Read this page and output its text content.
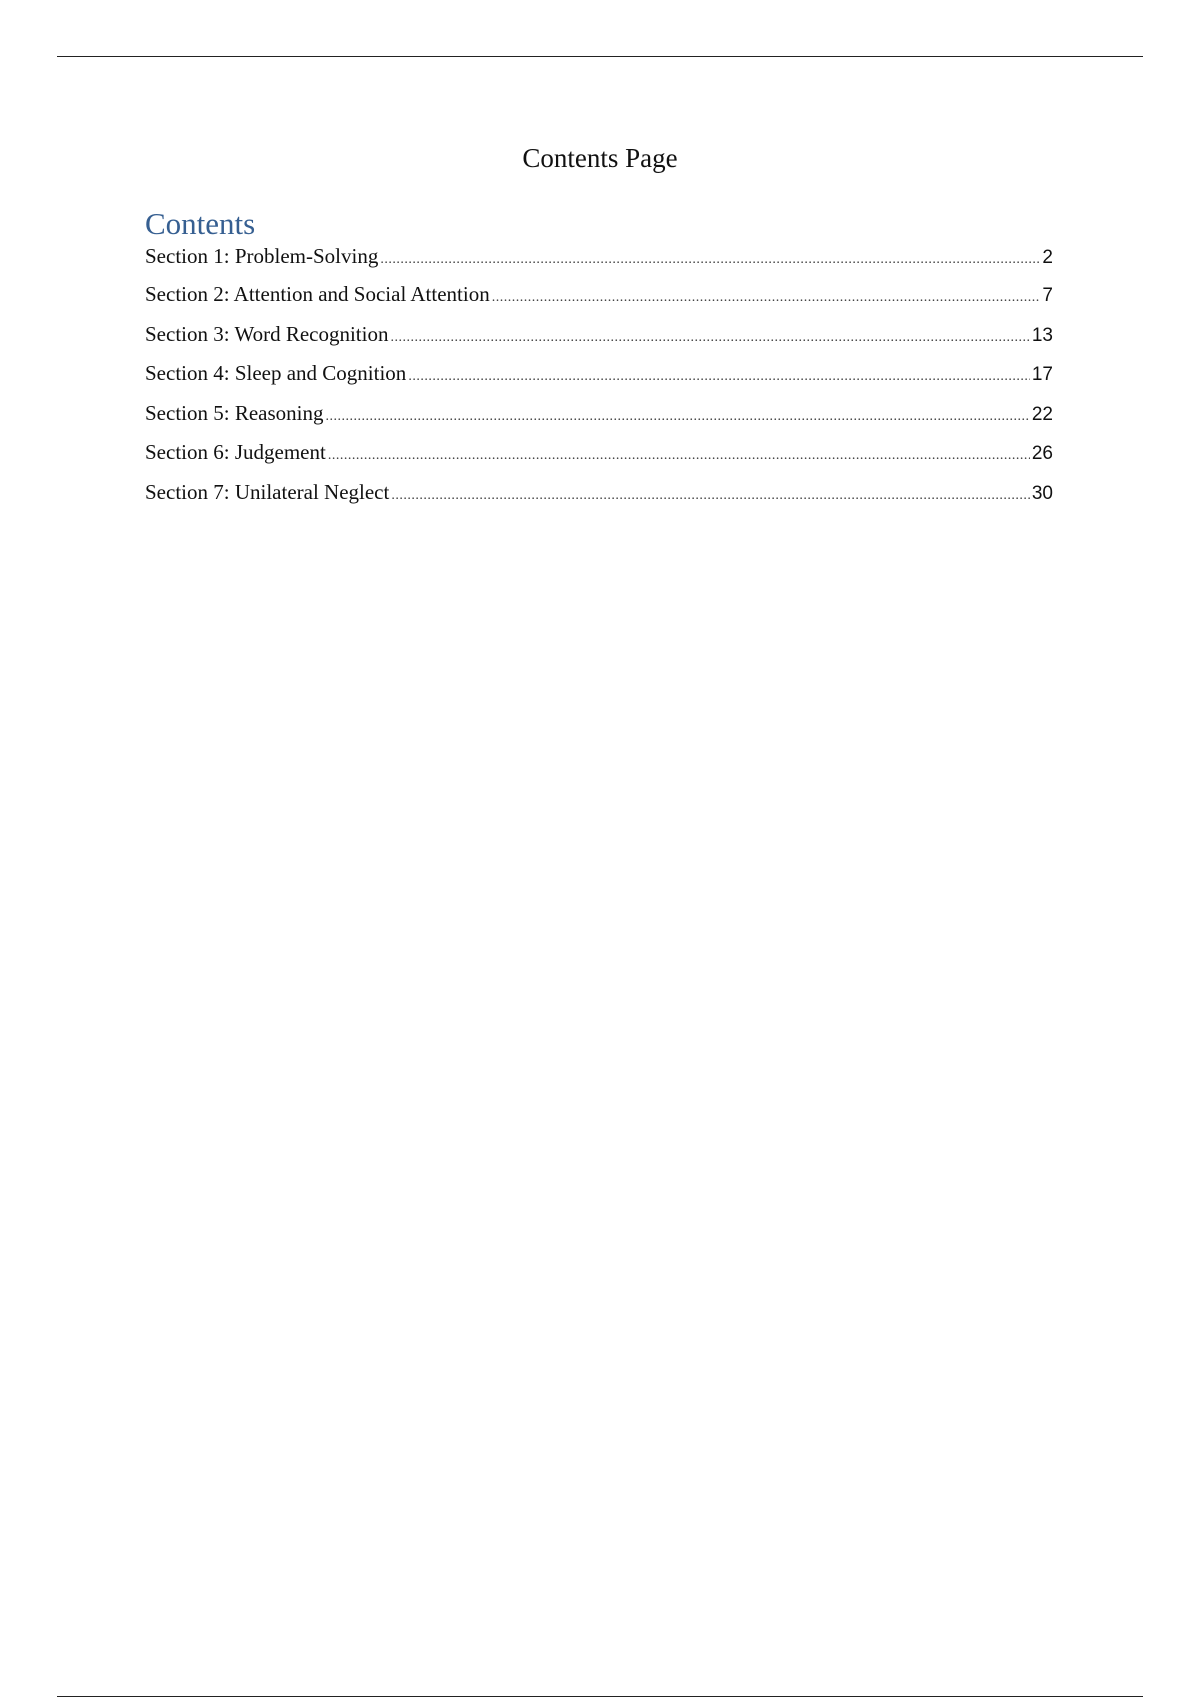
Contents Page
Contents
Section 1: Problem-Solving .....	2
Section 2: Attention and Social Attention .....	7
Section 3: Word Recognition .....	13
Section 4: Sleep and Cognition .....	17
Section 5: Reasoning .....	22
Section 6: Judgement .....	26
Section 7: Unilateral Neglect .....	30
